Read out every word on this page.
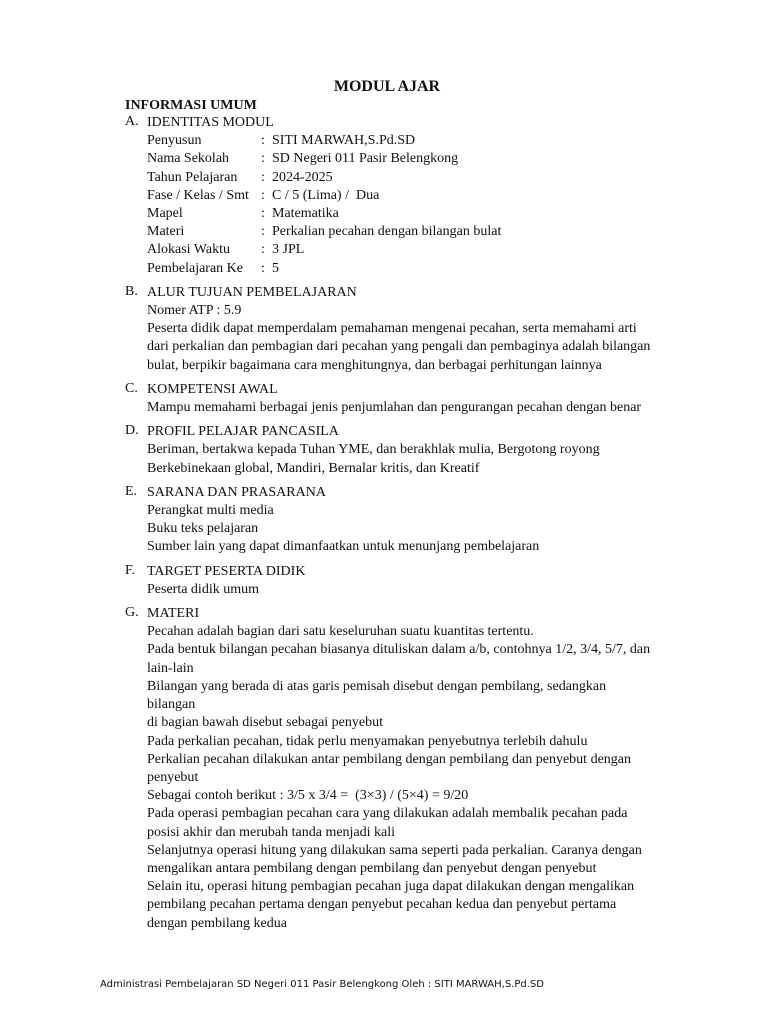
MODUL AJAR
INFORMASI UMUM
A. IDENTITAS MODUL
Penyusun	:	SITI MARWAH,S.Pd.SD
Nama Sekolah	:	SD Negeri 011 Pasir Belengkong
Tahun Pelajaran	:	2024-2025
Fase / Kelas / Smt	:	C / 5 (Lima) /  Dua
Mapel	:	Matematika
Materi	:	Perkalian pecahan dengan bilangan bulat
Alokasi Waktu	:	3 JPL
Pembelajaran Ke	:	5
B. ALUR TUJUAN PEMBELAJARAN
Nomer ATP : 5.9
Peserta didik dapat memperdalam pemahaman mengenai pecahan, serta memahami arti
dari perkalian dan pembagian dari pecahan yang pengali dan pembaginya adalah bilangan
bulat, berpikir bagaimana cara menghitungnya, dan berbagai perhitungan lainnya
C. KOMPETENSI AWAL
Mampu memahami berbagai jenis penjumlahan dan pengurangan pecahan dengan benar
D. PROFIL PELAJAR PANCASILA
Beriman, bertakwa kepada Tuhan YME, dan berakhlak mulia, Bergotong royong
Berkebinekaan global, Mandiri, Bernalar kritis, dan Kreatif
E. SARANA DAN PRASARANA
Perangkat multi media
Buku teks pelajaran
Sumber lain yang dapat dimanfaatkan untuk menunjang pembelajaran
F. TARGET PESERTA DIDIK
Peserta didik umum
G. MATERI
Pecahan adalah bagian dari satu keseluruhan suatu kuantitas tertentu.
Pada bentuk bilangan pecahan biasanya dituliskan dalam a/b, contohnya 1/2, 3/4, 5/7, dan
lain-lain
Bilangan yang berada di atas garis pemisah disebut dengan pembilang, sedangkan
bilangan
di bagian bawah disebut sebagai penyebut
Pada perkalian pecahan, tidak perlu menyamakan penyebutnya terlebih dahulu
Perkalian pecahan dilakukan antar pembilang dengan pembilang dan penyebut dengan
penyebut
Sebagai contoh berikut : 3/5 x 3/4 =  (3×3) / (5×4) = 9/20
Pada operasi pembagian pecahan cara yang dilakukan adalah membalik pecahan pada
posisi akhir dan merubah tanda menjadi kali
Selanjutnya operasi hitung yang dilakukan sama seperti pada perkalian. Caranya dengan
mengalikan antara pembilang dengan pembilang dan penyebut dengan penyebut
Selain itu, operasi hitung pembagian pecahan juga dapat dilakukan dengan mengalikan
pembilang pecahan pertama dengan penyebut pecahan kedua dan penyebut pertama
dengan pembilang kedua
Administrasi Pembelajaran SD Negeri 011 Pasir Belengkong Oleh : SITI MARWAH,S.Pd.SD
